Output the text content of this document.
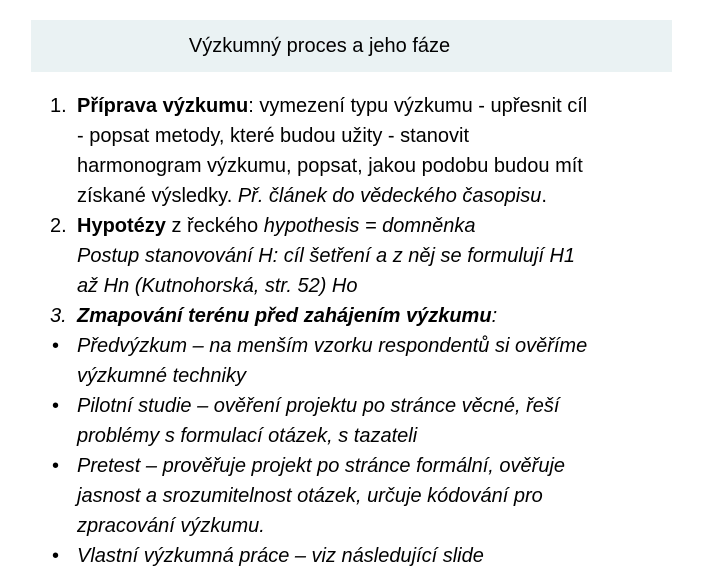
Výzkumný proces a jeho fáze
1. Příprava výzkumu: vymezení typu výzkumu - upřesnit cíl
- popsat metody, které budou užity - stanovit
harmonogram výzkumu, popsat, jakou podobu budou mít
získané výsledky. Př. článek do vědeckého časopisu.
2. Hypotézy z řeckého hypothesis = domněnka
Postup stanovování H: cíl šetření a z něj se formulují H1
až Hn (Kutnohorská, str. 52) Ho
3. Zmapování terénu před zahájením výzkumu:
• Předvýzkum – na menším vzorku respondentů si ověříme
výzkumné techniky
• Pilotní studie – ověření projektu po stránce věcné, řeší
problémy s formulací otázek, s tazateli
• Pretest – prověřuje projekt po stránce formální, ověřuje
jasnost a srozumitelnost otázek, určuje kódování pro
zpracování výzkumu.
• Vlastní výzkumná práce – viz následující slide
